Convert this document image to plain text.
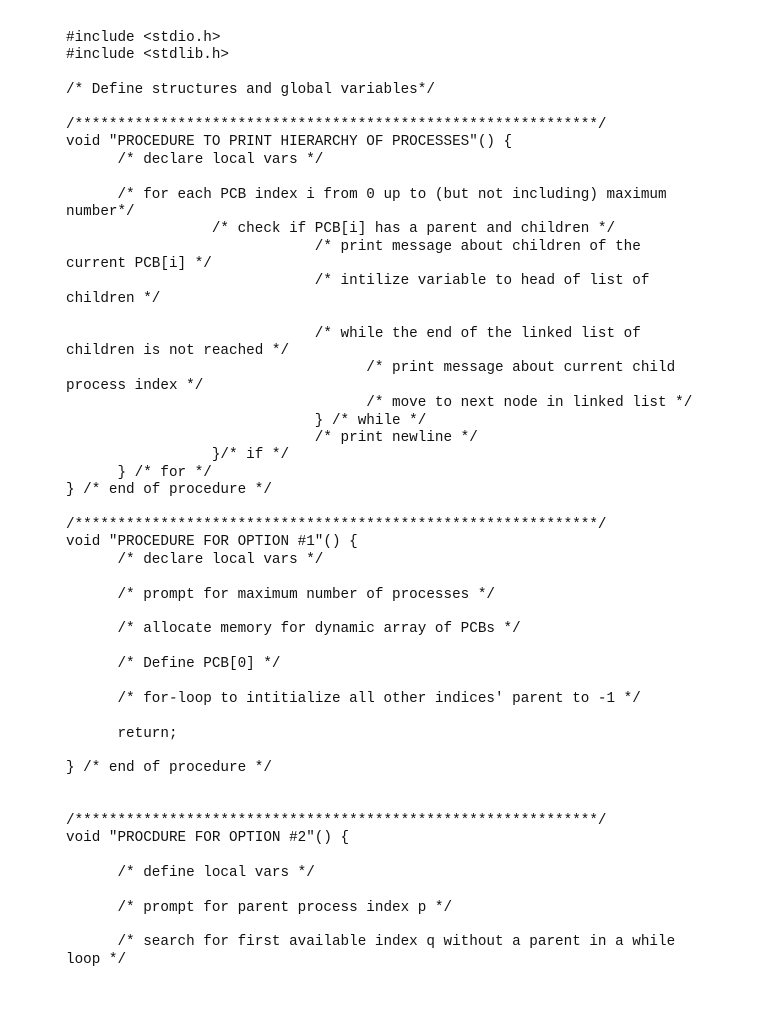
#include <stdio.h>
#include <stdlib.h>
/* Define structures and global variables*/
/*************************************************************/
void "PROCEDURE TO PRINT HIERARCHY OF PROCESSES"() {
/* declare local vars */
/* for each PCB index i from 0 up to (but not including) maximum
number*/
/* check if PCB[i] has a parent and children */
/* print message about children of the
current PCB[i] */
/* intilize variable to head of list of
children */
/* while the end of the linked list of
children is not reached */
/* print message about current child
process index */
/* move to next node in linked list */
} /* while */
/* print newline */
}/* if */
} /* for */
} /* end of procedure */
/*************************************************************/
void "PROCEDURE FOR OPTION #1"() {
/* declare local vars */
/* prompt for maximum number of processes */
/* allocate memory for dynamic array of PCBs */
/* Define PCB[0] */
/* for-loop to intitialize all other indices' parent to -1 */
return;
} /* end of procedure */
/*************************************************************/
void "PROCDURE FOR OPTION #2"() {
/* define local vars */
/* prompt for parent process index p */
/* search for first available index q without a parent in a while
loop */
